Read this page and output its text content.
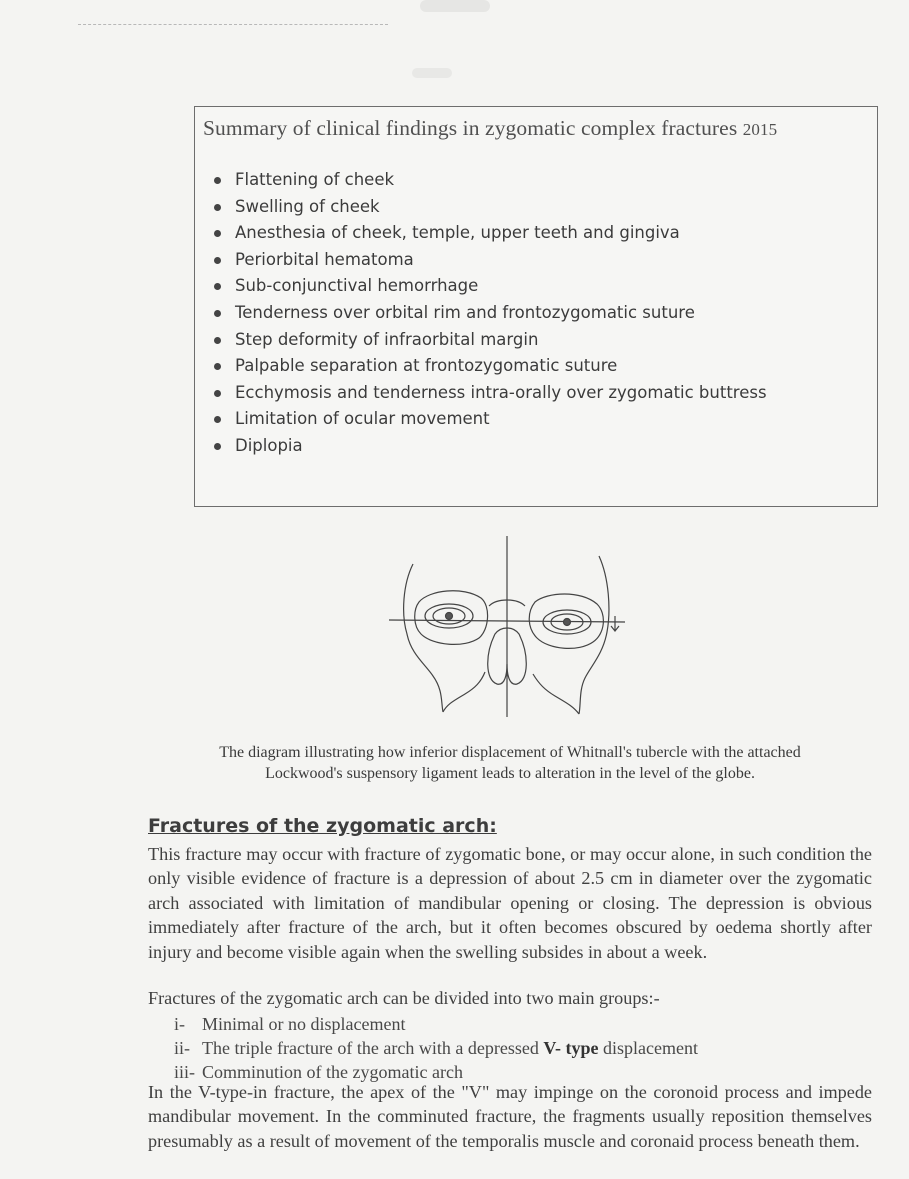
Summary of clinical findings in zygomatic complex fractures 2015
Flattening of cheek
Swelling of cheek
Anesthesia of cheek, temple, upper teeth and gingiva
Periorbital hematoma
Sub-conjunctival hemorrhage
Tenderness over orbital rim and frontozygomatic suture
Step deformity of infraorbital margin
Palpable separation at frontozygomatic suture
Ecchymosis and tenderness intra-orally over zygomatic buttress
Limitation of ocular movement
Diplopia
The diagram illustrating how inferior displacement of Whitnall's tubercle with the attached
Lockwood's suspensory ligament leads to alteration in the level of the globe.
Fractures of the zygomatic arch:

This fracture may occur with fracture of zygomatic bone, or may occur alone, in such condition the only visible evidence of fracture is a depression of about 2.5 cm in diameter over the zygomatic arch associated with limitation of mandibular opening or closing. The depression is obvious immediately after fracture of the arch, but it often becomes obscured by oedema shortly after injury and become visible again when the swelling subsides in about a week.

Fractures of the zygomatic arch can be divided into two main groups:-
i- Minimal or no displacement
ii- The triple fracture of the arch with a depressed V- type displacement
iii- Comminution of the zygomatic arch

In the V-type-in fracture, the apex of the "V" may impinge on the coronoid process and impede mandibular movement. In the comminuted fracture, the fragments usually reposition themselves presumably as a result of movement of the temporalis muscle and coronaid process beneath them.
